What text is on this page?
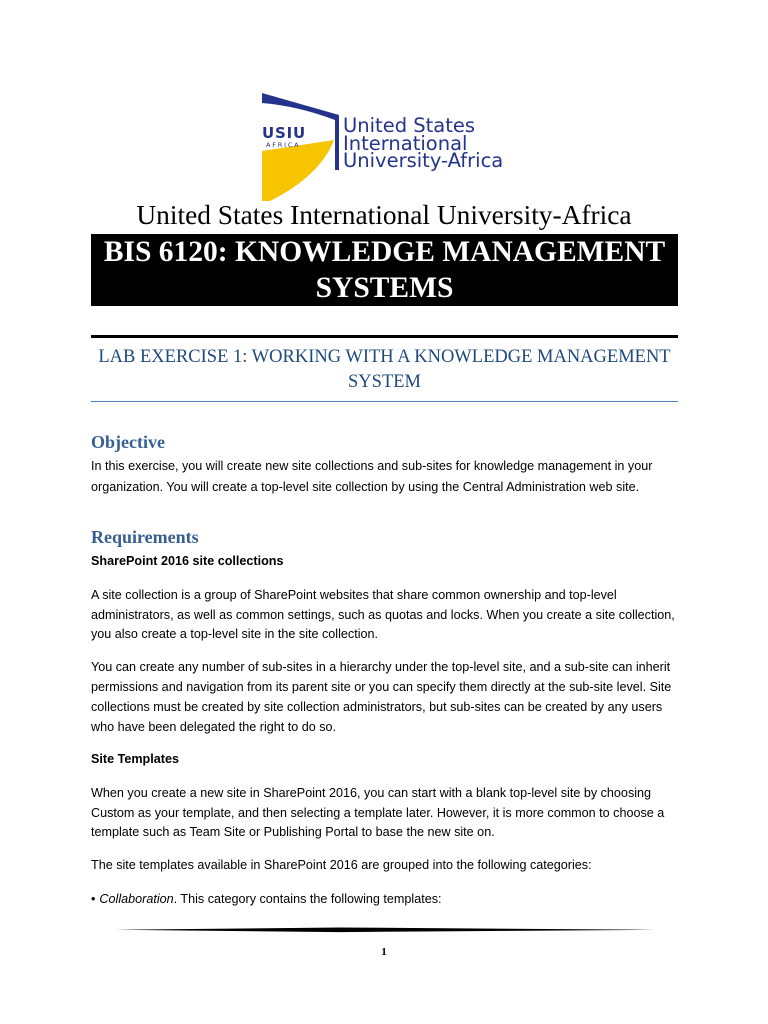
USIU
AFRICA
United States
International
University-Africa
United States International University-Africa
BIS 6120: KNOWLEDGE MANAGEMENT
SYSTEMS
LAB EXERCISE 1: WORKING WITH A KNOWLEDGE MANAGEMENT
SYSTEM
Objective
In this exercise, you will create new site collections and sub-sites for knowledge management in your
organization. You will create a top-level site collection by using the Central Administration web site.
Requirements
SharePoint 2016 site collections
A site collection is a group of SharePoint websites that share common ownership and top-level
administrators, as well as common settings, such as quotas and locks. When you create a site collection,
you also create a top-level site in the site collection.
You can create any number of sub-sites in a hierarchy under the top-level site, and a sub-site can inherit
permissions and navigation from its parent site or you can specify them directly at the sub-site level. Site
collections must be created by site collection administrators, but sub-sites can be created by any users
who have been delegated the right to do so.
Site Templates
When you create a new site in SharePoint 2016, you can start with a blank top-level site by choosing
Custom as your template, and then selecting a template later. However, it is more common to choose a
template such as Team Site or Publishing Portal to base the new site on.
The site templates available in SharePoint 2016 are grouped into the following categories:
• Collaboration. This category contains the following templates:
1
